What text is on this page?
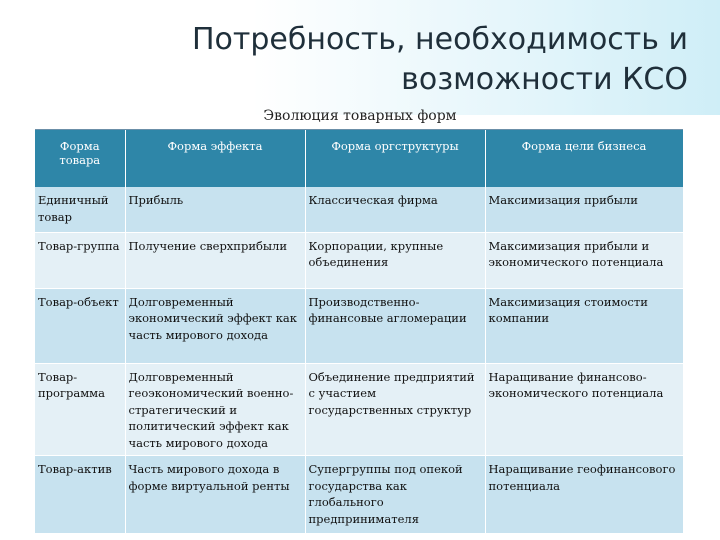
Потребность, необходимость и возможности КСО
Эволюция товарных форм
Форма товара	Форма эффекта	Форма оргструктуры	Форма цели бизнеса
Единичный товар	Прибыль	Классическая фирма	Максимизация прибыли
Товар-группа	Получение сверхприбыли	Корпорации, крупные объединения	Максимизация прибыли и экономического потенциала
Товар-объект	Долговременный экономический эффект как часть мирового дохода	Производственно-финансовые агломерации	Максимизация стоимости компании
Товар-программа	Долговременный геоэкономический военно-стратегический и политический эффект как часть мирового дохода	Объединение предприятий с участием государственных структур	Наращивание финансово-экономического потенциала
Товар-актив	Часть мирового дохода в форме виртуальной ренты	Супергруппы под опекой государства как глобального предпринимателя	Наращивание геофинансового потенциала
